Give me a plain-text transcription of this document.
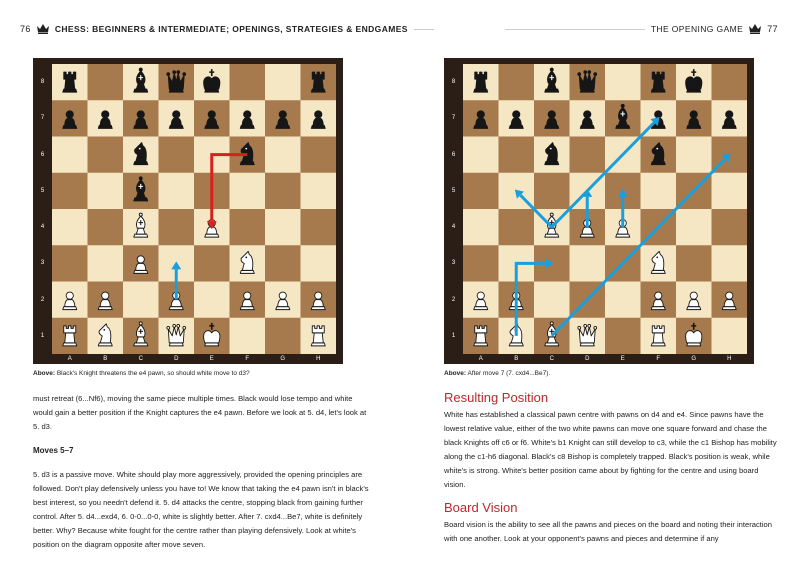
76	CHESS: BEGINNERS & INTERMEDIATE; OPENINGS, STRATEGIES & ENDGAMES
8
7
6
5
4
3
2
1
A	B	C	D	E	F	G	H
Above: Black's Knight threatens the e4 pawn, so should white move to d3?

must retreat (6...Nf6), moving the same piece multiple times. Black would lose tempo and white would gain a better position if the Knight captures the e4 pawn. Before we look at 5. d4, let's look at 5. d3.

Moves 5–7

5. d3 is a passive move. White should play more aggressively, provided the opening principles are followed. Don't play defensively unless you have to! We know that taking the e4 pawn isn't in black's best interest, so you needn't defend it. 5. d4 attacks the centre, stopping black from gaining further control. After 5. d4...exd4, 6. 0-0...0-0, white is slightly better. After 7. cxd4...Be7, white is definitely better. Why? Because white fought for the centre rather than playing defensively. Look at white's position on the diagram opposite after move seven.

THE OPENING GAME	77
8
7
6
5
4
3
2
1
A	B	C	D	E	F	G	H
Above: After move 7 (7. cxd4...Be7).
Resulting Position
White has established a classical pawn centre with pawns on d4 and e4. Since pawns have the lowest relative value, either of the two white pawns can move one square forward and chase the black Knights off c6 or f6. White's b1 Knight can still develop to c3, while the c1 Bishop has mobility along the c1-h6 diagonal. Black's c8 Bishop is completely trapped. Black's position is weak, while white's is strong. White's better position came about by fighting for the centre and using board vision.
Board Vision
Board vision is the ability to see all the pawns and pieces on the board and noting their interaction with one another. Look at your opponent's pawns and pieces and determine if any
